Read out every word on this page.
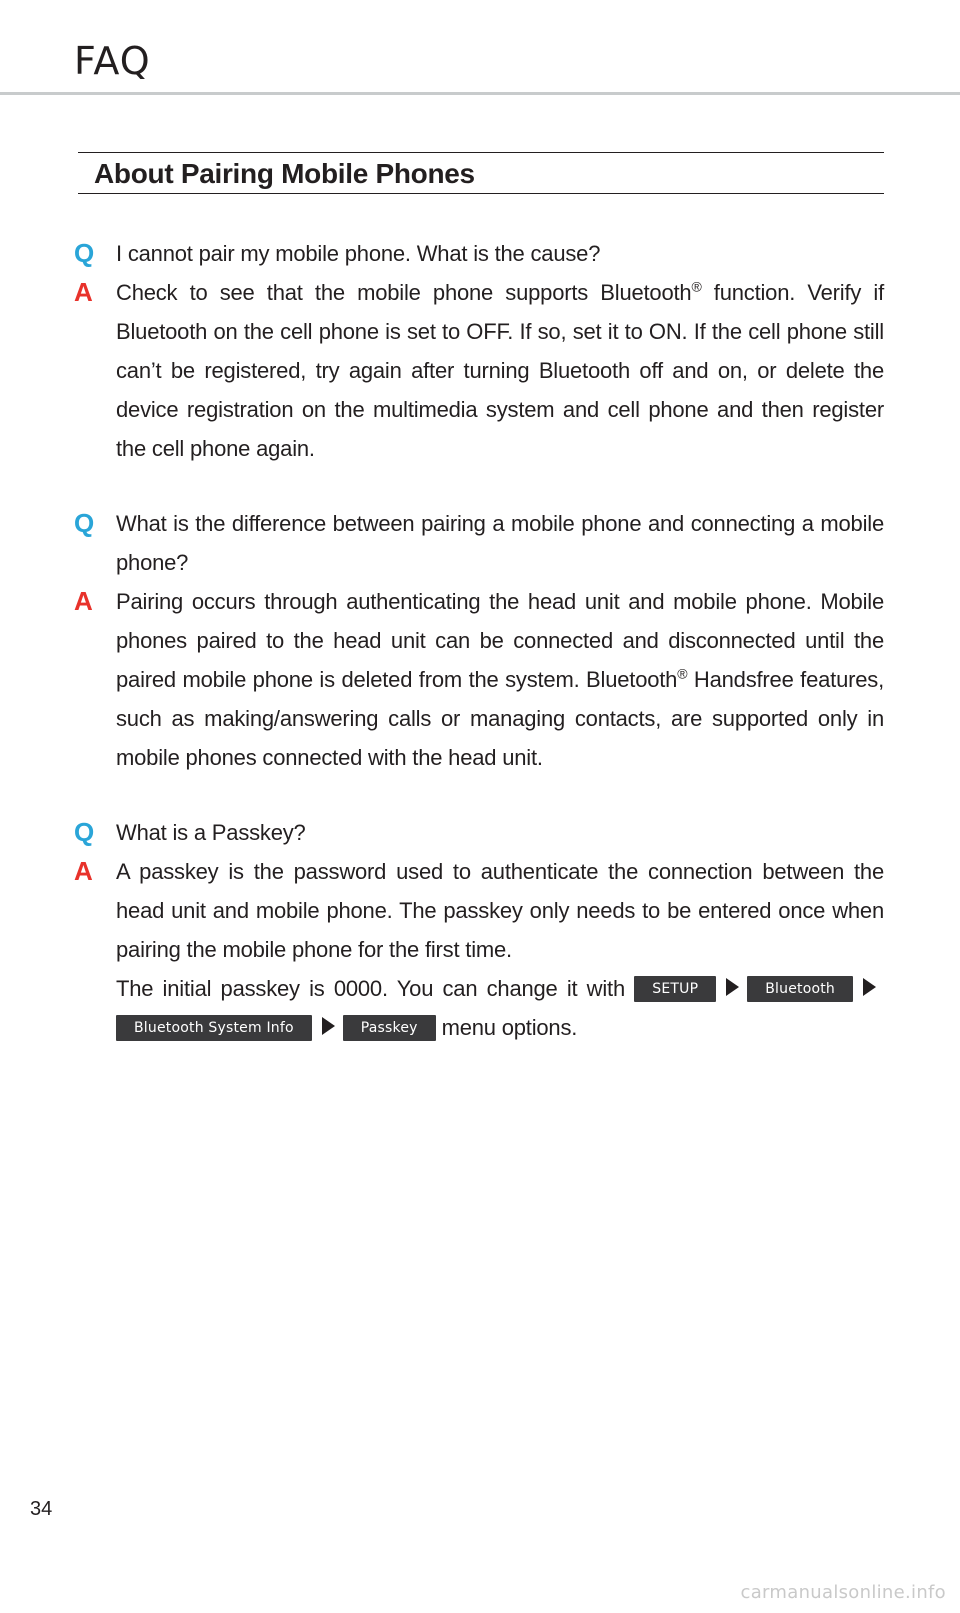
FAQ
About Pairing Mobile Phones
Q I cannot pair my mobile phone. What is the cause?
A	Check to see that the mobile phone supports Bluetooth® function. Verify if Bluetooth on the cell phone is set to OFF. If so, set it to ON. If the cell phone still can’t be registered, try again after turning Bluetooth off and on, or delete the device registration on the multimedia system and cell phone and then register the cell phone again.
Q What is the difference between pairing a mobile phone and connecting a mobile phone?
A	Pairing occurs through authenticating the head unit and mobile phone. Mobile phones paired to the head unit can be connected and disconnected until the paired mobile phone is deleted from the system. Bluetooth® Handsfree features, such as making/answering calls or managing contacts, are supported only in mobile phones connected with the head unit.
Q What is a Passkey?
A	A passkey is the password used to authenticate the connection between the head unit and mobile phone. The passkey only needs to be entered once when pairing the mobile phone for the first time.
The initial passkey is 0000. You can change it with SETUP	Bluetooth Bluetooth System Info	Passkey menu options.
34
carmanualsonline.info
